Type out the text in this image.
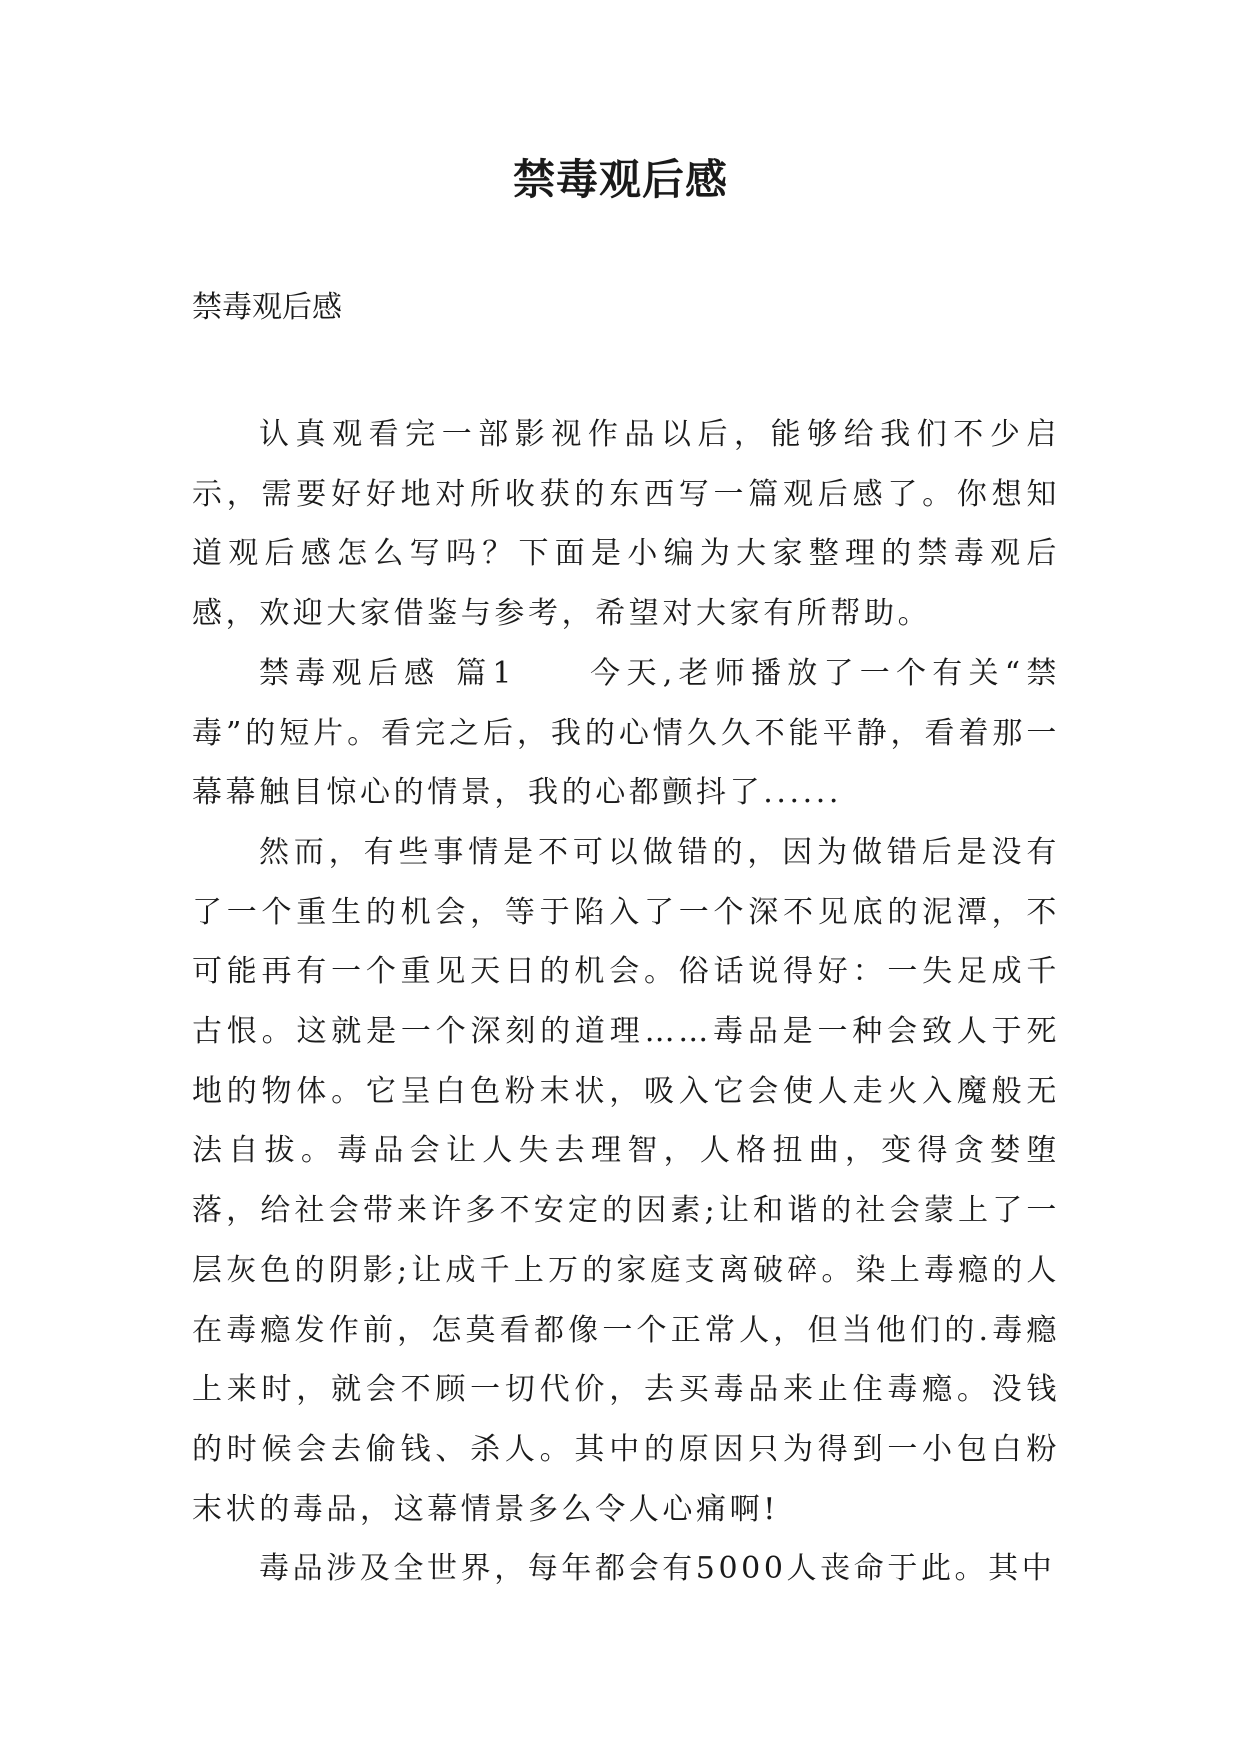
禁毒观后感

禁毒观后感

认真观看完一部影视作品以后，能够给我们不少启示，需要好好地对所收获的东西写一篇观后感了。你想知道观后感怎么写吗？下面是小编为大家整理的禁毒观后感，欢迎大家借鉴与参考，希望对大家有所帮助。

禁毒观后感 篇1　　今天,老师播放了一个有关“禁毒”的短片。看完之后，我的心情久久不能平静，看着那一幕幕触目惊心的情景，我的心都颤抖了......

然而，有些事情是不可以做错的，因为做错后是没有了一个重生的机会，等于陷入了一个深不见底的泥潭，不可能再有一个重见天日的机会。俗话说得好：一失足成千古恨。这就是一个深刻的道理……毒品是一种会致人于死地的物体。它呈白色粉末状，吸入它会使人走火入魔般无法自拔。毒品会让人失去理智，人格扭曲，变得贪婪堕落，给社会带来许多不安定的因素;让和谐的社会蒙上了一层灰色的阴影;让成千上万的家庭支离破碎。染上毒瘾的人在毒瘾发作前，怎莫看都像一个正常人，但当他们的.毒瘾上来时，就会不顾一切代价，去买毒品来止住毒瘾。没钱的时候会去偷钱、杀人。其中的原因只为得到一小包白粉末状的毒品，这幕情景多么令人心痛啊!

毒品涉及全世界，每年都会有5000人丧命于此。其中
